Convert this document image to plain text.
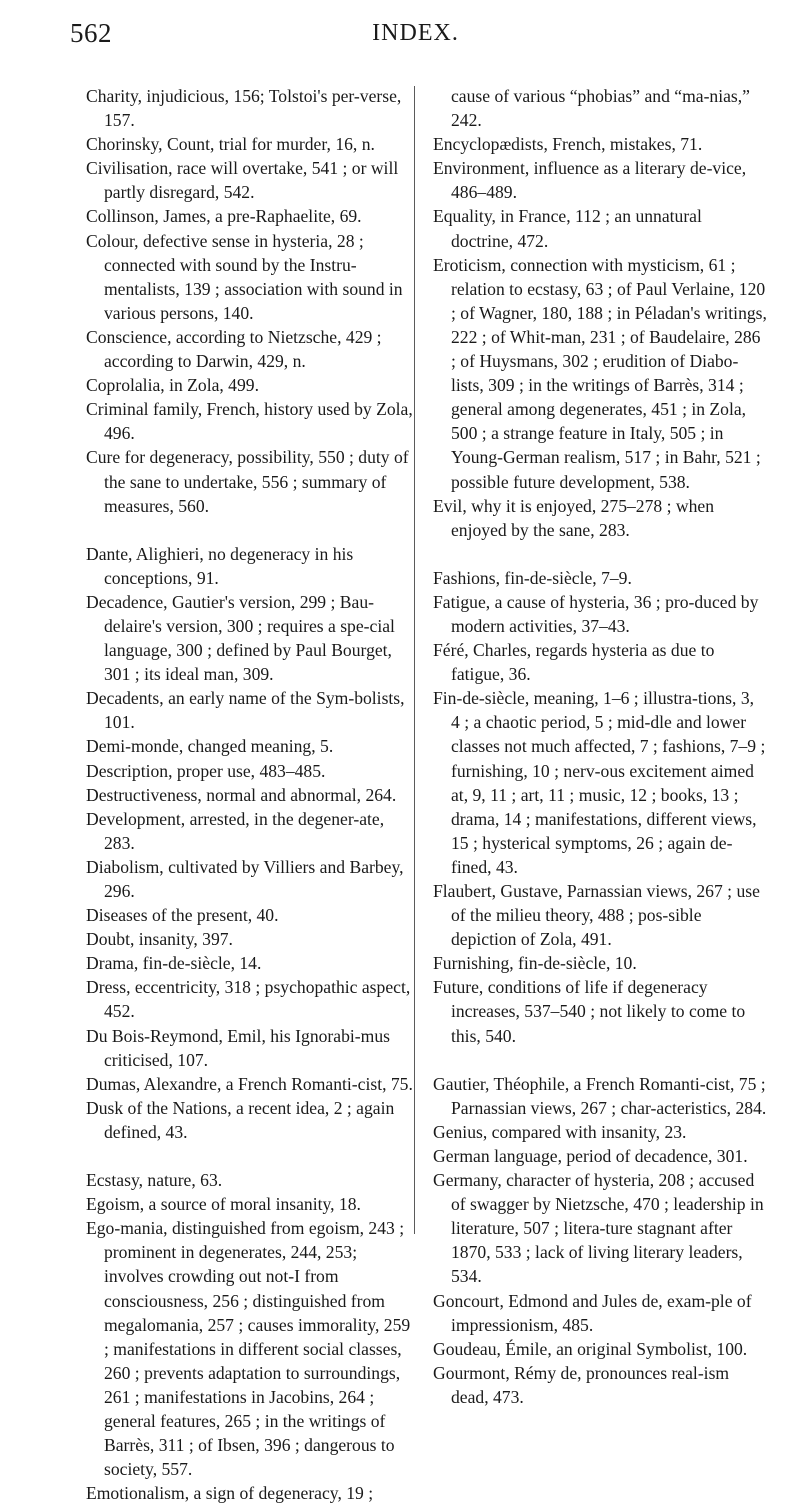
562	INDEX.

Charity, injudicious, 156; Tolstoi's per-verse, 157.

Chorinsky, Count, trial for murder, 16, n.

Civilisation, race will overtake, 541 ; or will partly disregard, 542.

Collinson, James, a pre-Raphaelite, 69.

Colour, defective sense in hysteria, 28 ; connected with sound by the Instru-mentalists, 139 ; association with sound in various persons, 140.

Conscience, according to Nietzsche, 429 ; according to Darwin, 429, n.

Coprolalia, in Zola, 499.

Criminal family, French, history used by Zola, 496.

Cure for degeneracy, possibility, 550 ; duty of the sane to undertake, 556 ; summary of measures, 560.

Dante, Alighieri, no degeneracy in his conceptions, 91.

Decadence, Gautier's version, 299 ; Bau-delaire's version, 300 ; requires a spe-cial language, 300 ; defined by Paul Bourget, 301 ; its ideal man, 309.

Decadents, an early name of the Sym-bolists, 101.

Demi-monde, changed meaning, 5.

Description, proper use, 483–485.

Destructiveness, normal and abnormal, 264.

Development, arrested, in the degener-ate, 283.

Diabolism, cultivated by Villiers and Barbey, 296.

Diseases of the present, 40.

Doubt, insanity, 397.

Drama, fin-de-siècle, 14.

Dress, eccentricity, 318 ; psychopathic aspect, 452.

Du Bois-Reymond, Emil, his Ignorabi-mus criticised, 107.

Dumas, Alexandre, a French Romanti-cist, 75.

Dusk of the Nations, a recent idea, 2 ; again defined, 43.

Ecstasy, nature, 63.

Egoism, a source of moral insanity, 18.

Ego-mania, distinguished from egoism, 243 ; prominent in degenerates, 244, 253; involves crowding out not-I from consciousness, 256 ; distinguished from megalomania, 257 ; causes immorality, 259 ; manifestations in different social classes, 260 ; prevents adaptation to surroundings, 261 ; manifestations in Jacobins, 264 ; general features, 265 ; in the writings of Barrès, 311 ; of Ibsen, 396 ; dangerous to society, 557.

Emotionalism, a sign of degeneracy, 19 ;

cause of various “phobias” and “ma-nias,” 242.

Encyclopædists, French, mistakes, 71.

Environment, influence as a literary de-vice, 486–489.

Equality, in France, 112 ; an unnatural doctrine, 472.

Eroticism, connection with mysticism, 61 ; relation to ecstasy, 63 ; of Paul Verlaine, 120 ; of Wagner, 180, 188 ; in Péladan's writings, 222 ; of Whit-man, 231 ; of Baudelaire, 286 ; of Huysmans, 302 ; erudition of Diabo-lists, 309 ; in the writings of Barrès, 314 ; general among degenerates, 451 ; in Zola, 500 ; a strange feature in Italy, 505 ; in Young-German realism, 517 ; in Bahr, 521 ; possible future development, 538.

Evil, why it is enjoyed, 275–278 ; when enjoyed by the sane, 283.

Fashions, fin-de-siècle, 7–9.

Fatigue, a cause of hysteria, 36 ; pro-duced by modern activities, 37–43.

Féré, Charles, regards hysteria as due to fatigue, 36.

Fin-de-siècle, meaning, 1–6 ; illustra-tions, 3, 4 ; a chaotic period, 5 ; mid-dle and lower classes not much affected, 7 ; fashions, 7–9 ; furnishing, 10 ; nerv-ous excitement aimed at, 9, 11 ; art, 11 ; music, 12 ; books, 13 ; drama, 14 ; manifestations, different views, 15 ; hysterical symptoms, 26 ; again de-fined, 43.

Flaubert, Gustave, Parnassian views, 267 ; use of the milieu theory, 488 ; pos-sible depiction of Zola, 491.

Furnishing, fin-de-siècle, 10.

Future, conditions of life if degeneracy increases, 537–540 ; not likely to come to this, 540.

Gautier, Théophile, a French Romanti-cist, 75 ; Parnassian views, 267 ; char-acteristics, 284.

Genius, compared with insanity, 23.

German language, period of decadence, 301.

Germany, character of hysteria, 208 ; accused of swagger by Nietzsche, 470 ; leadership in literature, 507 ; litera-ture stagnant after 1870, 533 ; lack of living literary leaders, 534.

Goncourt, Edmond and Jules de, exam-ple of impressionism, 485.

Goudeau, Émile, an original Symbolist, 100.

Gourmont, Rémy de, pronounces real-ism dead, 473.
